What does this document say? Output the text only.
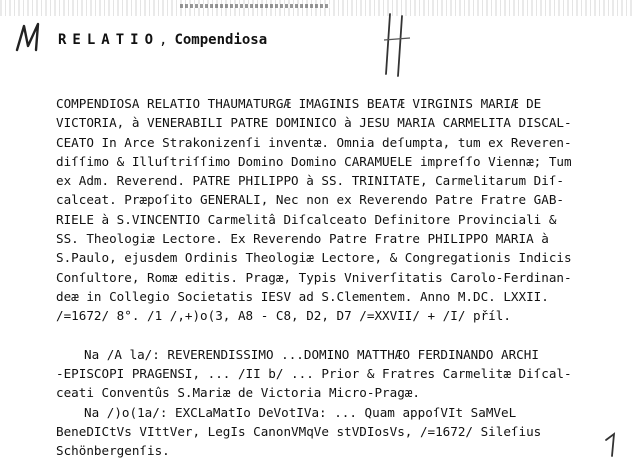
RELATIO, Compendiosa
COMPENDIOSA RELATIO THAUMATURGÆ IMAGINIS BEATÆ VIRGINIS MARIÆ DE
VICTORIA, à VENERABILI PATRE DOMINICO à JESU MARIA CARMELITA DISCAL-
CEATO In Arce Strakonizenſi inventæ. Omnia deſumpta, tum ex Reveren-
diſſimo & Illuſtriſſimo Domino Domino CARAMUELE impreſſo Viennæ; Tum
ex Adm. Reverend. PATRE PHILIPPO à SS. TRINITATE, Carmelitarum Diſ-
calceat. Præpoſito GENERALI, Nec non ex Reverendo Patre Fratre GAB-
RIELE à S.VINCENTIO Carmelitâ Diſcalceato Definitore Provinciali &
SS. Theologiæ Lectore. Ex Reverendo Patre Fratre PHILIPPO MARIA à
S.Paulo, ejusdem Ordinis Theologiæ Lectore, & Congregationis Indicis
Conſultore, Romæ editis. Pragæ, Typis Vniverſitatis Carolo-Ferdinan-
deæ in Collegio Societatis IESV ad S.Clementem. Anno M.DC. LXXII.
/=1672/ 8°. /1 /,+)o(3, A8 - C8, D2, D7 /=XXVII/ + /I/ příl.
Na /A la/: REVERENDISSIMO ...DOMINO MATTHÆO FERDINANDO ARCHI
-EPISCOPI PRAGENSI, ... /II b/ ... Prior & Fratres Carmelitæ Diſcal-
ceati Conventûs S.Mariæ de Victoria Micro-Pragæ.
Na /)o(1a/: EXCLaMatIo DeVotIVa: ... Quam appoſVIt SaMVeL
BeneDICtVs VIttVer, LegIs CanonVMqVe stVDIosVs, /=1672/ Sileſius
Schönbergenſis.
